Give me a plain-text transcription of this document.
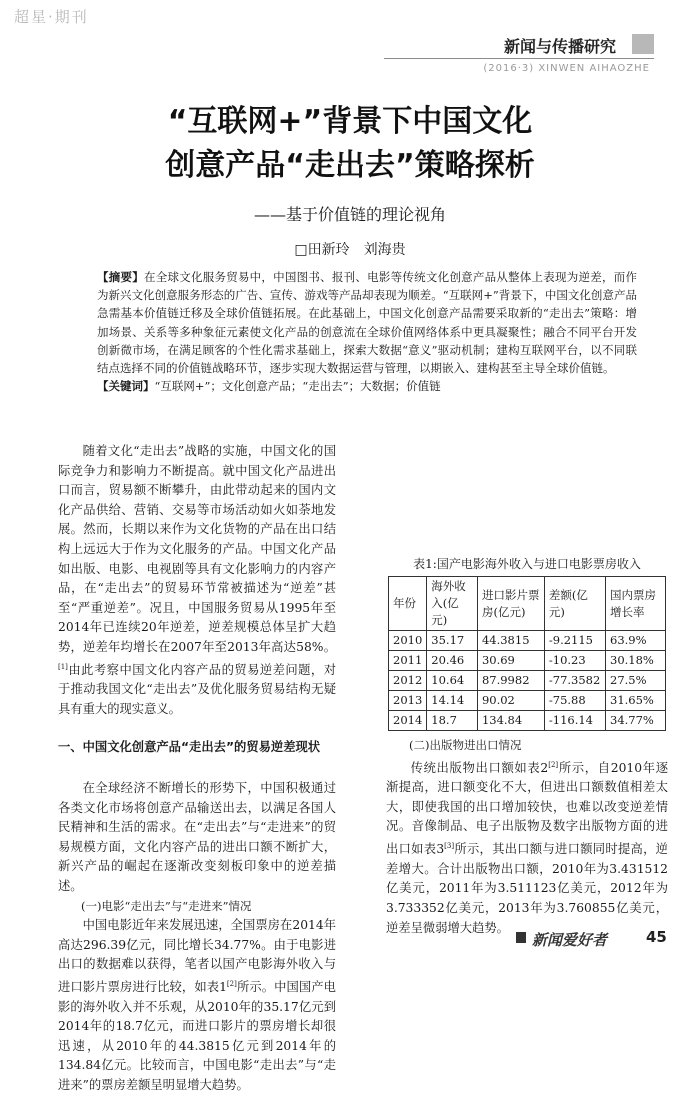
超星·期刊
新闻与传播研究
(2016·3) XINWEN AIHAOZHE
“互联网+”背景下中国文化
创意产品“走出去”策略探析
——基于价值链的理论视角
□田新玲　刘海贵
【摘要】在全球文化服务贸易中，中国图书、报刊、电影等传统文化创意产品从整体上表现为逆差，而作为新兴文化创意服务形态的广告、宣传、游戏等产品却表现为顺差。“互联网+”背景下，中国文化创意产品急需基本价值链迁移及全球价值链拓展。在此基础上，中国文化创意产品需要采取新的“走出去”策略：增加场景、关系等多种象征元素使文化产品的创意流在全球价值网络体系中更具凝聚性；融合不同平台开发创新微市场，在满足顾客的个性化需求基础上，探索大数据“意义”驱动机制；建构互联网平台，以不同联结点选择不同的价值链战略环节，逐步实现大数据运营与管理，以期嵌入、建构甚至主导全球价值链。
【关键词】“互联网+”；文化创意产品；“走出去”；大数据；价值链

随着文化“走出去”战略的实施，中国文化的国际竞争力和影响力不断提高。就中国文化产品进出口而言，贸易额不断攀升，由此带动起来的国内文化产品供给、营销、交易等市场活动如火如荼地发展。然而，长期以来作为文化货物的产品在出口结构上远远大于作为文化服务的产品。中国文化产品如出版、电影、电视剧等具有文化影响力的内容产品，在“走出去”的贸易环节常被描述为“逆差”甚至“严重逆差”。况且，中国服务贸易从1995年至2014年已连续20年逆差，逆差规模总体呈扩大趋势，逆差年均增长在2007年至2013年高达58%。[1]由此考察中国文化内容产品的贸易逆差问题，对于推动我国文化“走出去”及优化服务贸易结构无疑具有重大的现实意义。

一、中国文化创意产品“走出去”的贸易逆差现状

在全球经济不断增长的形势下，中国积极通过各类文化市场将创意产品输送出去，以满足各国人民精神和生活的需求。在“走出去”与“走进来”的贸易规模方面，文化内容产品的进出口额不断扩大，新兴产品的崛起在逐渐改变刻板印象中的逆差描述。

(一)电影“走出去”与“走进来”情况

中国电影近年来发展迅速，全国票房在2014年高达296.39亿元，同比增长34.77%。由于电影进出口的数据难以获得，笔者以国产电影海外收入与进口影片票房进行比较，如表1[2]所示。中国国产电影的海外收入并不乐观，从2010年的35.17亿元到2014年的18.7亿元，而进口影片的票房增长却很迅速，从2010年的44.3815亿元到2014年的134.84亿元。比较而言，中国电影“走出去”与“走进来”的票房差额呈明显增大趋势。

表1:国产电影海外收入与进口电影票房收入
年份	海外收入(亿元)	进口影片票房(亿元)	差额(亿元)	国内票房增长率
2010	35.17	44.3815	-9.2115	63.9%
2011	20.46	30.69	-10.23	30.18%
2012	10.64	87.9982	-77.3582	27.5%
2013	14.14	90.02	-75.88	31.65%
2014	18.7	134.84	-116.14	34.77%
(二)出版物进出口情况

传统出版物出口额如表2[2]所示，自2010年逐渐提高，进口额变化不大，但进出口额数值相差太大，即使我国的出口增加较快，也难以改变逆差情况。音像制品、电子出版物及数字出版物方面的进出口如表3[3]所示，其出口额与进口额同时提高，逆差增大。合计出版物出口额，2010年为3.431512亿美元，2011年为3.511123亿美元，2012年为3.733352亿美元，2013年为3.760855亿美元，逆差呈微弱增大趋势。

新闻爱好者	45
